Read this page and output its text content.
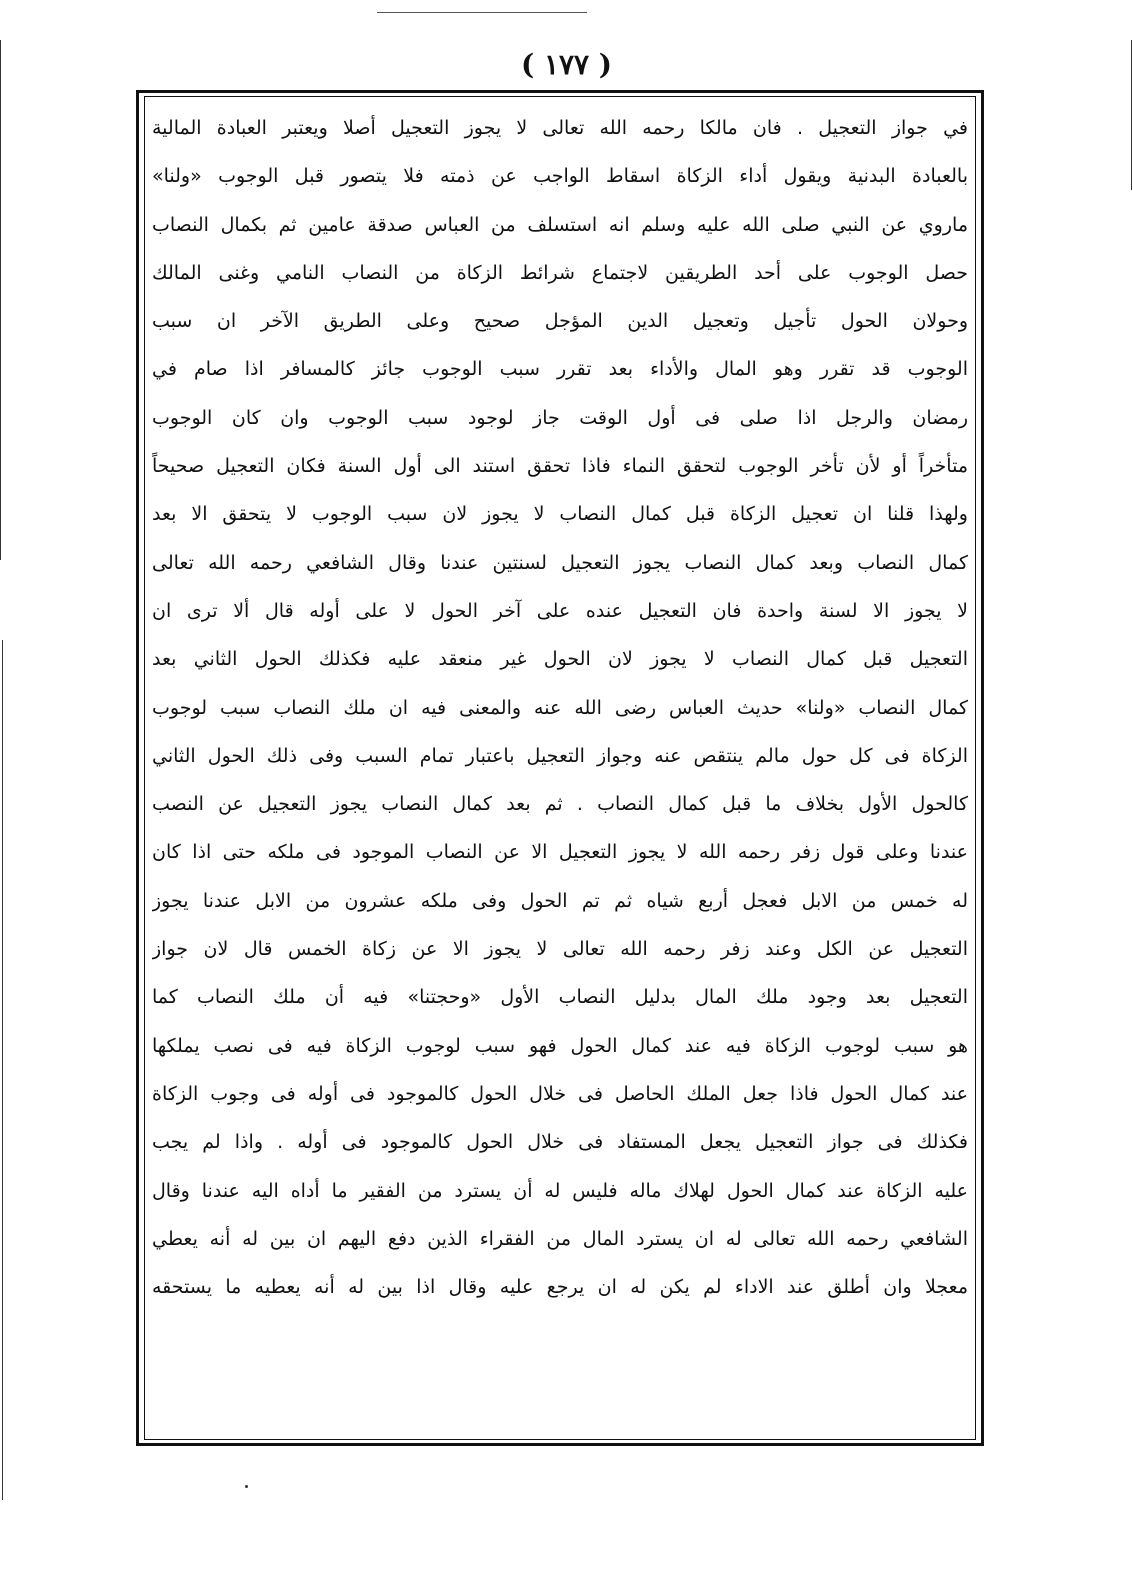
( ١٧٧ )
في جواز التعجيل . فان مالكا رحمه الله تعالى لا يجوز التعجيل أصلا ويعتبر العبادة المالية
بالعبادة البدنية ويقول أداء الزكاة اسقاط الواجب عن ذمته فلا يتصور قبل الوجوب «ولنا»
ماروي عن النبي صلى الله عليه وسلم انه استسلف من العباس صدقة عامين ثم بكمال النصاب
حصل الوجوب على أحد الطريقين لاجتماع شرائط الزكاة من النصاب النامي وغنى المالك
وحولان الحول تأجيل وتعجيل الدين المؤجل صحيح وعلى الطريق الآخر ان سبب
الوجوب قد تقرر وهو المال والأداء بعد تقرر سبب الوجوب جائز كالمسافر اذا صام في
رمضان والرجل اذا صلى فى أول الوقت جاز لوجود سبب الوجوب وان كان الوجوب
متأخراً أو لأن تأخر الوجوب لتحقق النماء فاذا تحقق استند الى أول السنة فكان التعجيل صحيحاً
ولهذا قلنا ان تعجيل الزكاة قبل كمال النصاب لا يجوز لان سبب الوجوب لا يتحقق الا بعد
كمال النصاب وبعد كمال النصاب يجوز التعجيل لسنتين عندنا وقال الشافعي رحمه الله تعالى
لا يجوز الا لسنة واحدة فان التعجيل عنده على آخر الحول لا على أوله قال ألا ترى ان
التعجيل قبل كمال النصاب لا يجوز لان الحول غير منعقد عليه فكذلك الحول الثاني بعد
كمال النصاب «ولنا» حديث العباس رضى الله عنه والمعنى فيه ان ملك النصاب سبب لوجوب
الزكاة فى كل حول مالم ينتقص عنه وجواز التعجيل باعتبار تمام السبب وفى ذلك الحول الثاني
كالحول الأول بخلاف ما قبل كمال النصاب . ثم بعد كمال النصاب يجوز التعجيل عن النصب
عندنا وعلى قول زفر رحمه الله لا يجوز التعجيل الا عن النصاب الموجود فى ملكه حتى اذا كان
له خمس من الابل فعجل أربع شياه ثم تم الحول وفى ملكه عشرون من الابل عندنا يجوز
التعجيل عن الكل وعند زفر رحمه الله تعالى لا يجوز الا عن زكاة الخمس قال لان جواز
التعجيل بعد وجود ملك المال بدليل النصاب الأول «وحجتنا» فيه أن ملك النصاب كما
هو سبب لوجوب الزكاة فيه عند كمال الحول فهو سبب لوجوب الزكاة فيه فى نصب يملكها
عند كمال الحول فاذا جعل الملك الحاصل فى خلال الحول كالموجود فى أوله فى وجوب الزكاة
فكذلك فى جواز التعجيل يجعل المستفاد فى خلال الحول كالموجود فى أوله . واذا لم يجب
عليه الزكاة عند كمال الحول لهلاك ماله فليس له أن يسترد من الفقير ما أداه اليه عندنا وقال
الشافعي رحمه الله تعالى له ان يسترد المال من الفقراء الذين دفع اليهم ان بين له أنه يعطي
معجلا وان أطلق عند الاداء لم يكن له ان يرجع عليه وقال اذا بين له أنه يعطيه ما يستحقه
